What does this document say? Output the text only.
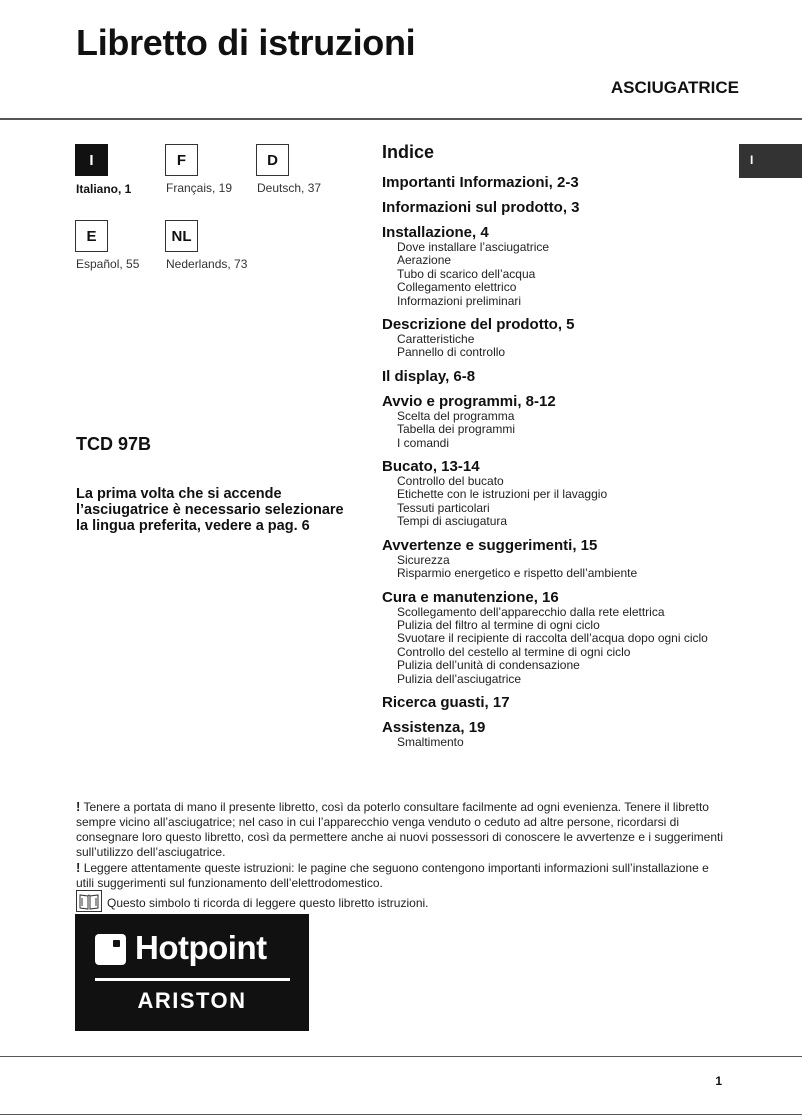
Libretto di istruzioni
ASCIUGATRICE
I
I
Italiano, 1
F
Français, 19
D
Deutsch, 37
E
Español, 55
NL
Nederlands, 73
TCD 97B
La prima volta che si accende l’asciugatrice è necessario selezionare la lingua preferita, vedere a pag. 6
Indice
Importanti Informazioni, 2-3
Informazioni sul prodotto, 3
Installazione, 4
Dove installare l’asciugatrice
Aerazione
Tubo di scarico dell’acqua
Collegamento elettrico
Informazioni preliminari
Descrizione del prodotto, 5
Caratteristiche
Pannello di controllo
Il display, 6-8
Avvio e programmi, 8-12
Scelta del programma
Tabella dei programmi
I comandi
Bucato, 13-14
Controllo del bucato
Etichette con le istruzioni per il lavaggio
Tessuti particolari
Tempi di asciugatura
Avvertenze e suggerimenti, 15
Sicurezza
Risparmio energetico e rispetto dell’ambiente
Cura e manutenzione, 16
Scollegamento dell’apparecchio dalla rete elettrica
Pulizia del filtro al termine di ogni ciclo
Svuotare il recipiente di raccolta dell’acqua dopo ogni ciclo
Controllo del cestello al termine di ogni ciclo
Pulizia dell’unità di condensazione
Pulizia dell’asciugatrice
Ricerca guasti, 17
Assistenza, 19
Smaltimento

! Tenere a portata di mano il presente libretto, così da poterlo consultare facilmente ad ogni evenienza. Tenere il libretto sempre vicino all’asciugatrice; nel caso in cui l’apparecchio venga venduto o ceduto ad altre persone, ricordarsi di consegnare loro questo libretto, così da permettere anche ai nuovi possessori di conoscere le avvertenze e i suggerimenti sull’utilizzo dell’asciugatrice.

! Leggere attentamente queste istruzioni: le pagine che seguono contengono importanti informazioni sull’installazione e utili suggerimenti sul funzionamento dell’elettrodomestico.

Questo simbolo ti ricorda di leggere questo libretto istruzioni.
Hotpoint
ARISTON
1
